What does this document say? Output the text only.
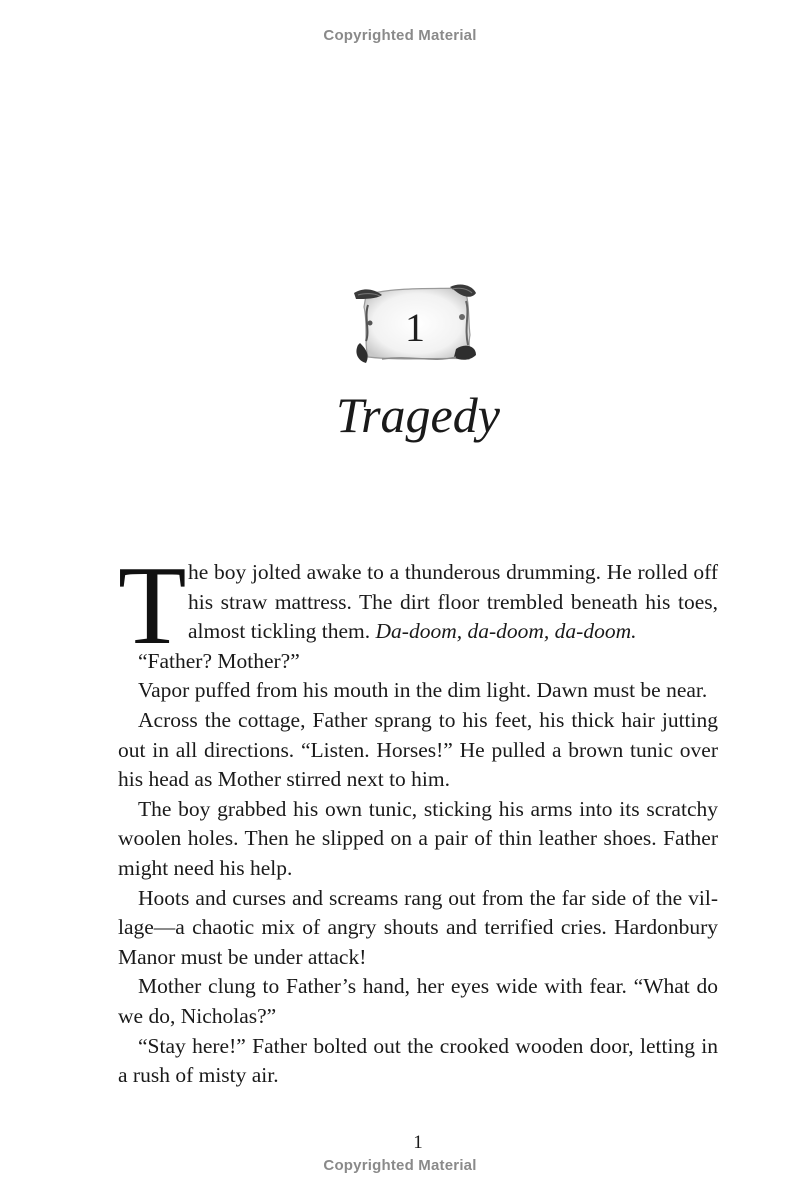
Copyrighted Material
1
Tragedy
T he boy jolted awake to a thunderous drumming. He rolled off
his straw mattress. The dirt floor trembled beneath his toes,
almost tickling them. Da-doom, da-doom, da-doom.

“Father? Mother?”

Vapor puffed from his mouth in the dim light. Dawn must be near.

Across the cottage, Father sprang to his feet, his thick hair jutting out in all directions. “Listen. Horses!” He pulled a brown tunic over his head as Mother stirred next to him.

The boy grabbed his own tunic, sticking his arms into its scratchy woolen holes. Then he slipped on a pair of thin leather shoes. Father might need his help.

Hoots and curses and screams rang out from the far side of the village—a chaotic mix of angry shouts and terrified cries. Hardonbury Manor must be under attack!

Mother clung to Father’s hand, her eyes wide with fear. “What do we do, Nicholas?”

“Stay here!” Father bolted out the crooked wooden door, letting in a rush of misty air.

1
Copyrighted Material
